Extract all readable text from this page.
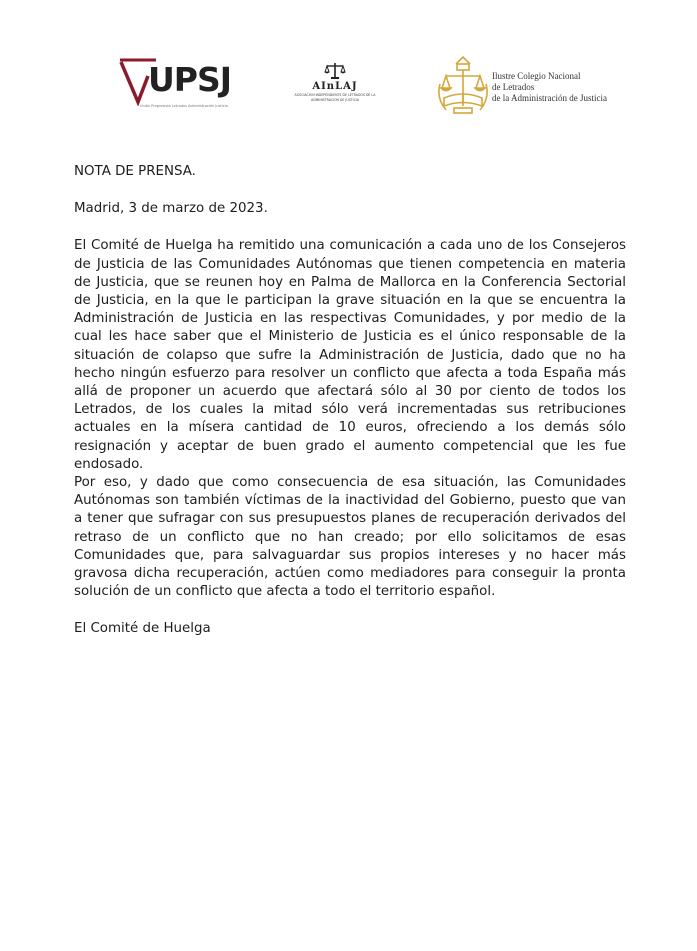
UPSJ
Unión Progresista Letrados Administración Justicia
AInLAJ
ASOCIACIÓN INDEPENDIENTE DE LETRADOS DE LA
ADMINISTRACIÓN DE JUSTICIA
Ilustre Colegio Nacional
de Letrados
de la Administración de Justicia

NOTA DE PRENSA.

Madrid, 3 de marzo de 2023.

El Comité de Huelga ha remitido una comunicación a cada uno de los Consejeros de Justicia de las Comunidades Autónomas que tienen competencia en materia de Justicia, que se reunen hoy en Palma de Mallorca en la Conferencia Sectorial de Justicia, en la que le participan la grave situación en la que se encuentra la Administración de Justicia en las respectivas Comunidades, y por medio de la cual les hace saber que el Ministerio de Justicia es el único responsable de la situación de colapso que sufre la Administración de Justicia, dado que no ha hecho ningún esfuerzo para resolver un conflicto que afecta a toda España más allá de proponer un acuerdo que afectará sólo al 30 por ciento de todos los Letrados, de los cuales la mitad sólo verá incrementadas sus retribuciones actuales en la mísera cantidad de 10 euros, ofreciendo a los demás sólo resignación y aceptar de buen grado el aumento competencial que les fue endosado.

Por eso, y dado que como consecuencia de esa situación, las Comunidades Autónomas son también víctimas de la inactividad del Gobierno, puesto que van a tener que sufragar con sus presupuestos planes de recuperación derivados del retraso de un conflicto que no han creado; por ello solicitamos de esas Comunidades que, para salvaguardar sus propios intereses y no hacer más gravosa dicha recuperación, actúen como mediadores para conseguir la pronta solución de un conflicto que afecta a todo el territorio español.

El Comité de Huelga
